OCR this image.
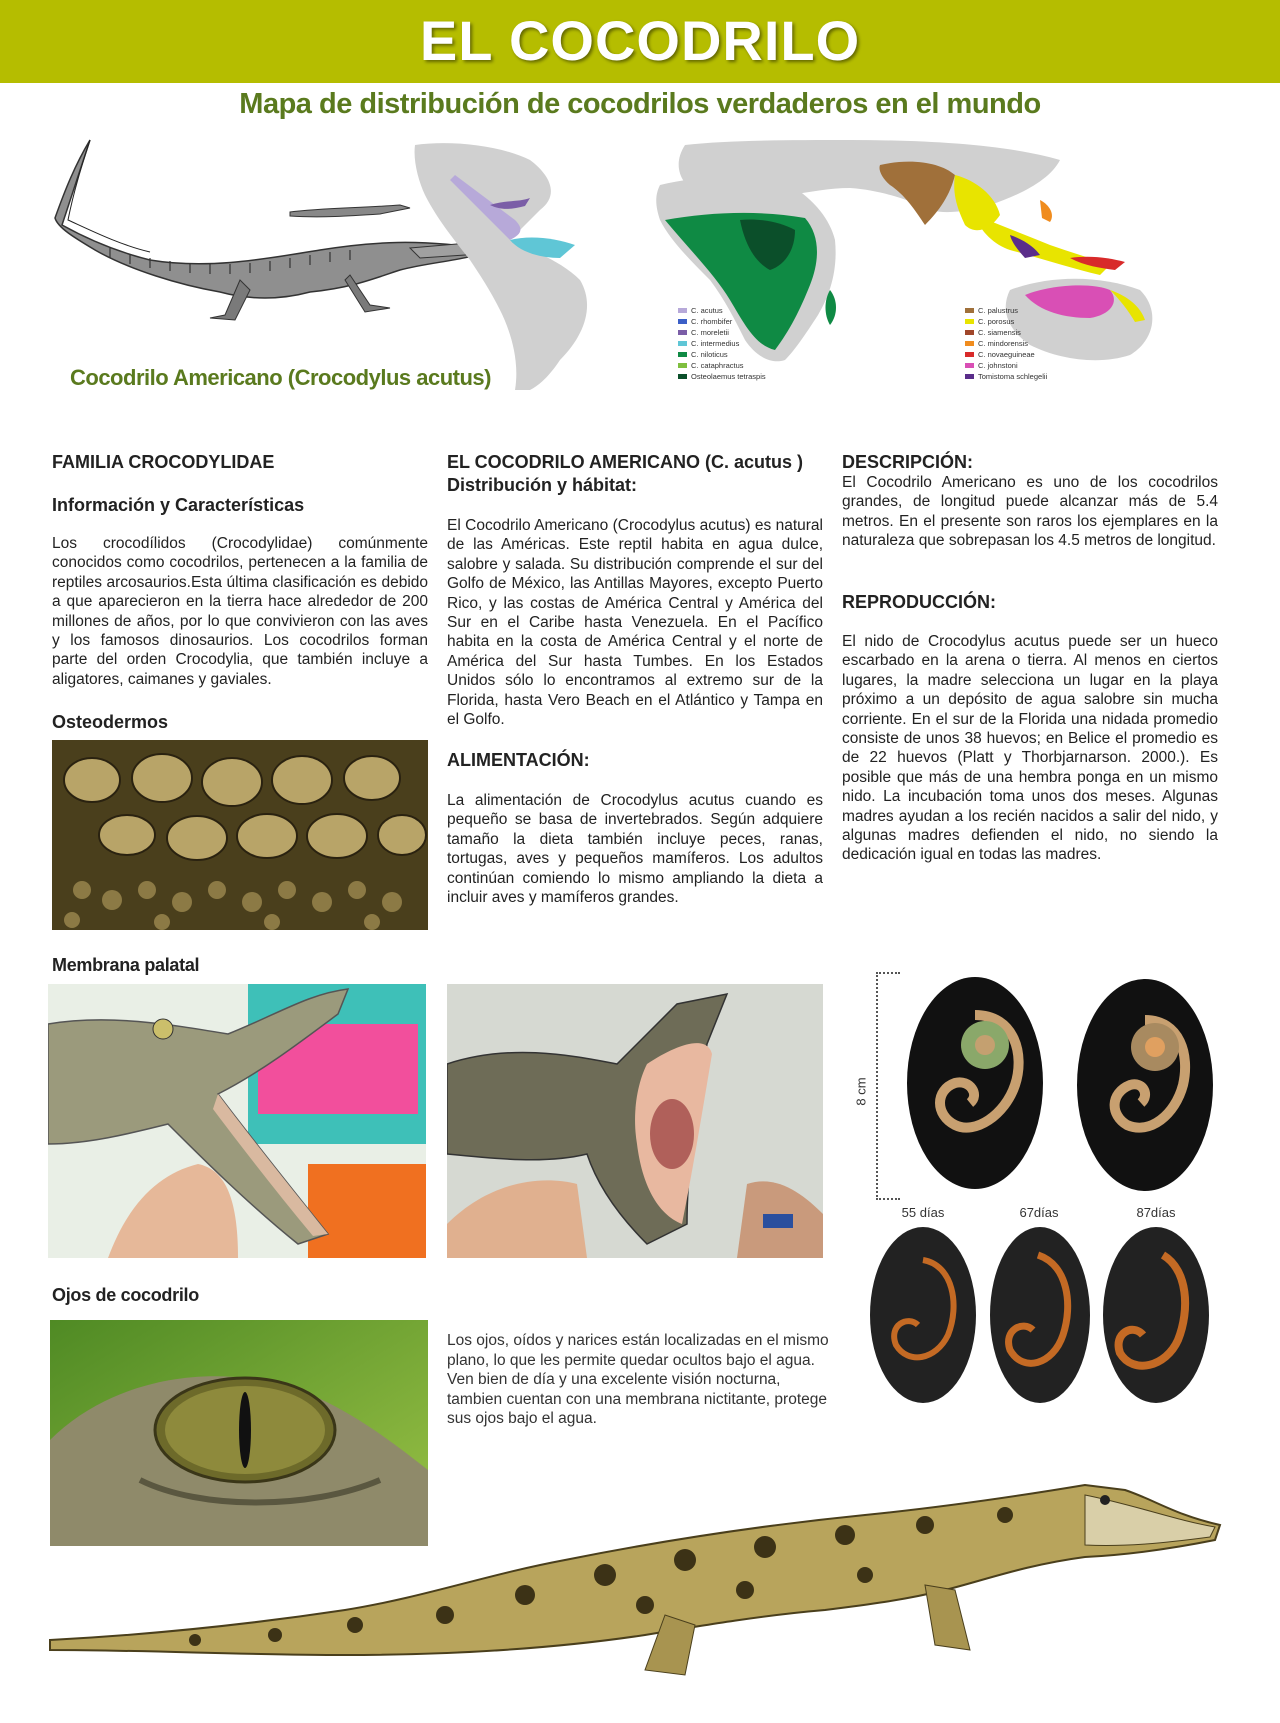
EL COCODRILO
Mapa de distribución de cocodrilos verdaderos en el mundo
Cocodrilo Americano (Crocodylus acutus)
C. acutus
C. rhombifer
C. moreletii
C. intermedius
C. niloticus
C. cataphractus
Osteolaemus tetraspis
C. palustrus
C. porosus
C. siamensis
C. mindorensis
C. novaeguineae
C. johnstoni
Tomistoma schlegelii
FAMILIA CROCODYLIDAE
Información y Características
Los crocodílidos (Crocodylidae) comúnmente conocidos como cocodrilos, pertenecen a la familia de reptiles arcosaurios.Esta última clasificación es debido a que aparecieron en la tierra hace alrededor de 200 millones de años, por lo que convivieron con las aves y los famosos dinosaurios. Los cocodrilos forman parte del orden Crocodylia, que también incluye a aligatores, caimanes y gaviales.
Osteodermos
EL COCODRILO AMERICANO (C. acutus )
Distribución y hábitat:
El Cocodrilo Americano (Crocodylus acutus) es natural de las Américas. Este reptil habita en agua dulce, salobre y salada. Su distribución comprende el sur del Golfo de México, las Antillas Mayores, excepto Puerto Rico, y las costas de América Central y América del Sur en el Caribe hasta Venezuela. En el Pacífico habita en la costa de América Central y el norte de América del Sur hasta Tumbes. En los Estados Unidos sólo lo encontramos al extremo sur de la Florida, hasta Vero Beach en el Atlántico y Tampa en el Golfo.
ALIMENTACIÓN:
La alimentación de Crocodylus acutus cuando es pequeño se basa de invertebrados. Según adquiere tamaño la dieta también incluye peces, ranas, tortugas, aves y pequeños mamíferos. Los adultos continúan comiendo lo mismo ampliando la dieta a incluir aves y mamíferos grandes.
DESCRIPCIÓN:
El Cocodrilo Americano es uno de los cocodrilos grandes, de longitud puede alcanzar más de 5.4 metros. En el presente son raros los ejemplares en la naturaleza que sobrepasan los 4.5 metros de longitud.
REPRODUCCIÓN:
El nido de Crocodylus acutus puede ser un hueco escarbado en la arena o tierra. Al menos en ciertos lugares, la madre selecciona un lugar en la playa próximo a un depósito de agua salobre sin mucha corriente. En el sur de la Florida una nidada promedio consiste de unos 38 huevos; en Belice el promedio es de 22 huevos (Platt y Thorbjarnarson. 2000.). Es posible que más de una hembra ponga en un mismo nido. La incubación toma unos dos meses. Algunas madres ayudan a los recién nacidos a salir del nido, y algunas madres defienden el nido, no siendo la dedicación igual en todas las madres.
Membrana palatal
Ojos de cocodrilo
Los ojos, oídos y narices están localizadas en el mismo plano, lo que les permite quedar ocultos bajo el agua. Ven bien de día y una excelente visión nocturna, tambien cuentan con una membrana nictitante, protege sus ojos bajo el agua.
8 cm
55 días	67días	87días
